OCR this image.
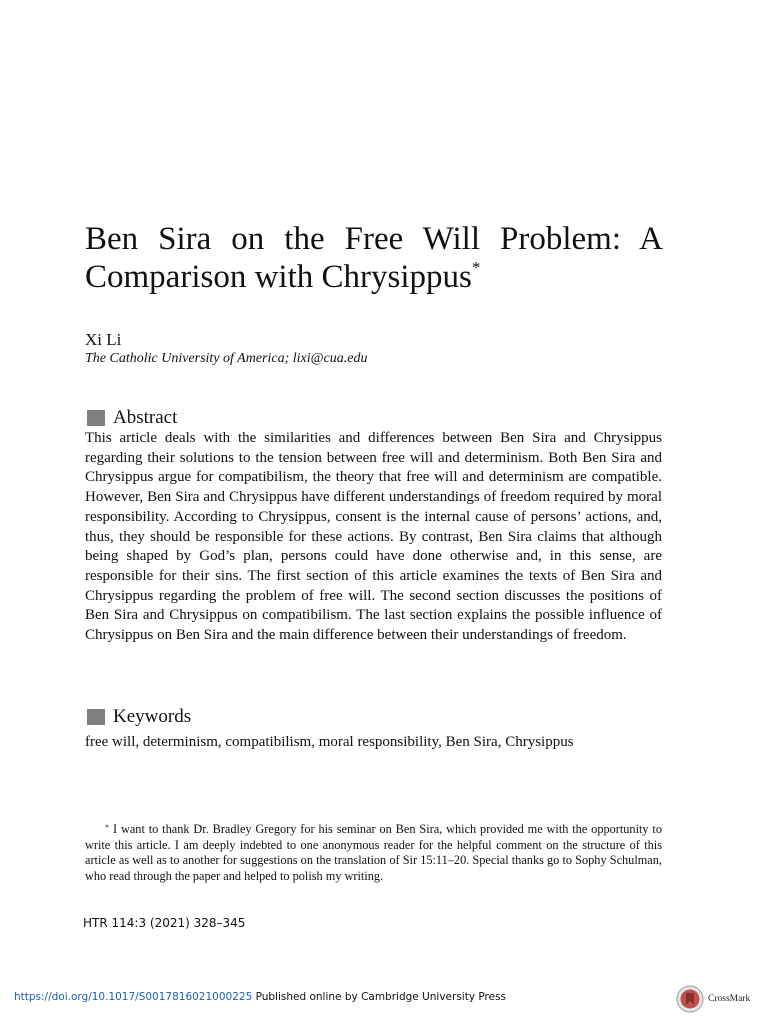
Ben Sira on the Free Will Problem: A Comparison with Chrysippus*
Xi Li
The Catholic University of America; lixi@cua.edu
Abstract

This article deals with the similarities and differences between Ben Sira and Chrysippus regarding their solutions to the tension between free will and determinism. Both Ben Sira and Chrysippus argue for compatibilism, the theory that free will and determinism are compatible. However, Ben Sira and Chrysippus have different understandings of freedom required by moral responsibility. According to Chrysippus, consent is the internal cause of persons’ actions, and, thus, they should be responsible for these actions. By contrast, Ben Sira claims that although being shaped by God’s plan, persons could have done otherwise and, in this sense, are responsible for their sins. The first section of this article examines the texts of Ben Sira and Chrysippus regarding the problem of free will. The second section discusses the positions of Ben Sira and Chrysippus on compatibilism. The last section explains the possible influence of Chrysippus on Ben Sira and the main difference between their understandings of freedom.

Keywords

free will, determinism, compatibilism, moral responsibility, Ben Sira, Chrysippus

* I want to thank Dr. Bradley Gregory for his seminar on Ben Sira, which provided me with the opportunity to write this article. I am deeply indebted to one anonymous reader for the helpful comment on the structure of this article as well as to another for suggestions on the translation of Sir 15:11–20. Special thanks go to Sophy Schulman, who read through the paper and helped to polish my writing.

HTR 114:3 (2021) 328–345
https://doi.org/10.1017/S0017816021000225 Published online by Cambridge University Press	CrossMark
